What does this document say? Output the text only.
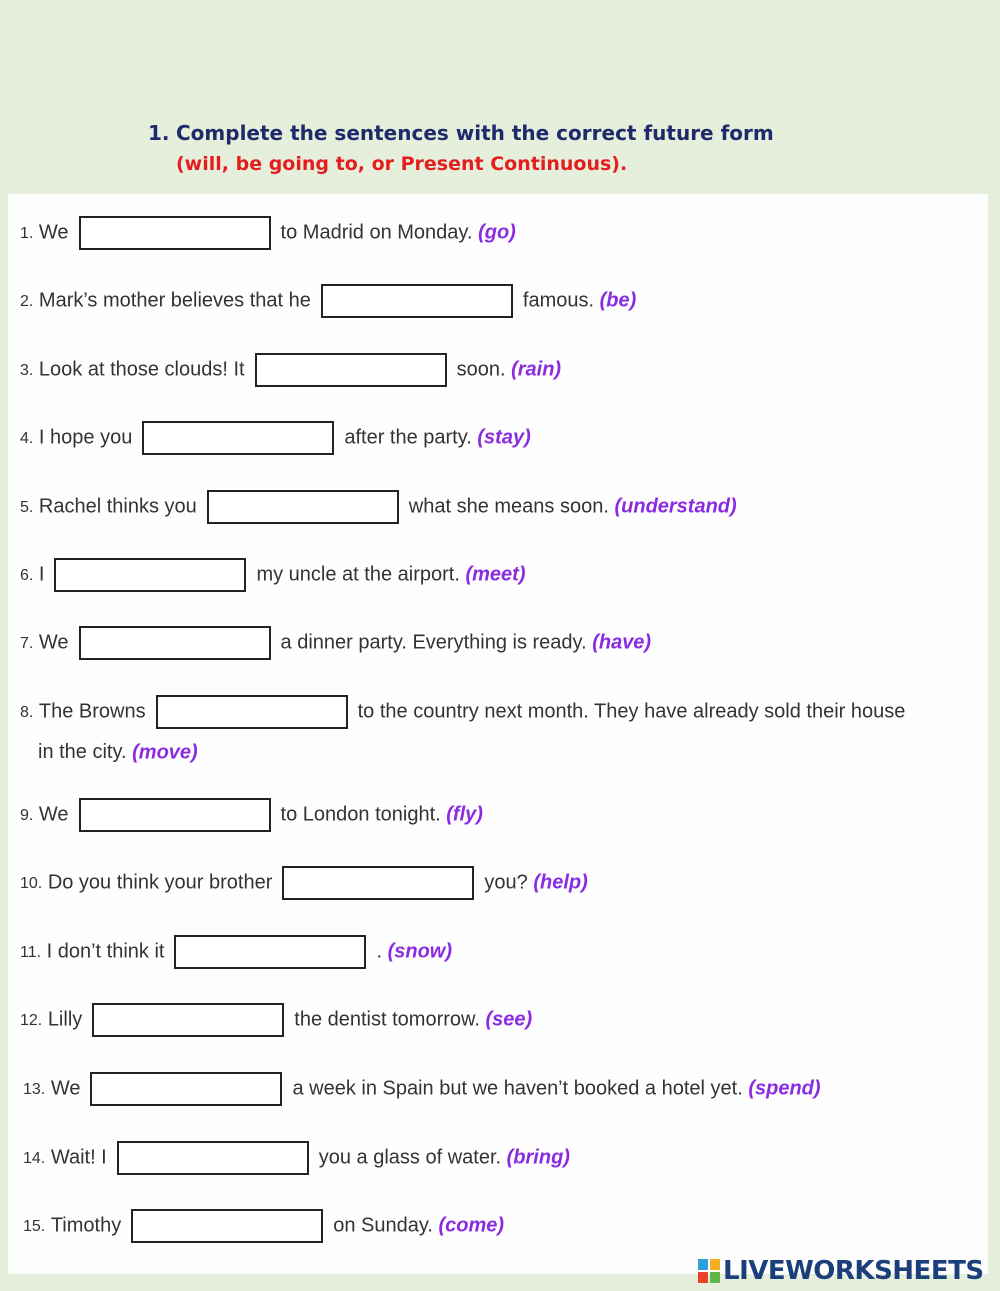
1. Complete the sentences with the correct future form
(will, be going to, or Present Continuous).
1. We	to Madrid on Monday. (go)
2. Mark’s mother believes that he	famous. (be)
3. Look at those clouds! It	soon. (rain)
4. I hope you	after the party. (stay)
5. Rachel thinks you	what she means soon. (understand)
6. I	my uncle at the airport. (meet)
7. We	a dinner party. Everything is ready. (have)
8. The Browns	to the country next month. They have already sold their house
in the city. (move)
9. We	to London tonight. (fly)
10. Do you think your brother	you? (help)
11. I don’t think it	. (snow)
12. Lilly	the dentist tomorrow. (see)
13. We	a week in Spain but we haven’t booked a hotel yet. (spend)
14. Wait! I	you a glass of water. (bring)
15. Timothy	on Sunday. (come)
LIVEWORKSHEETS
